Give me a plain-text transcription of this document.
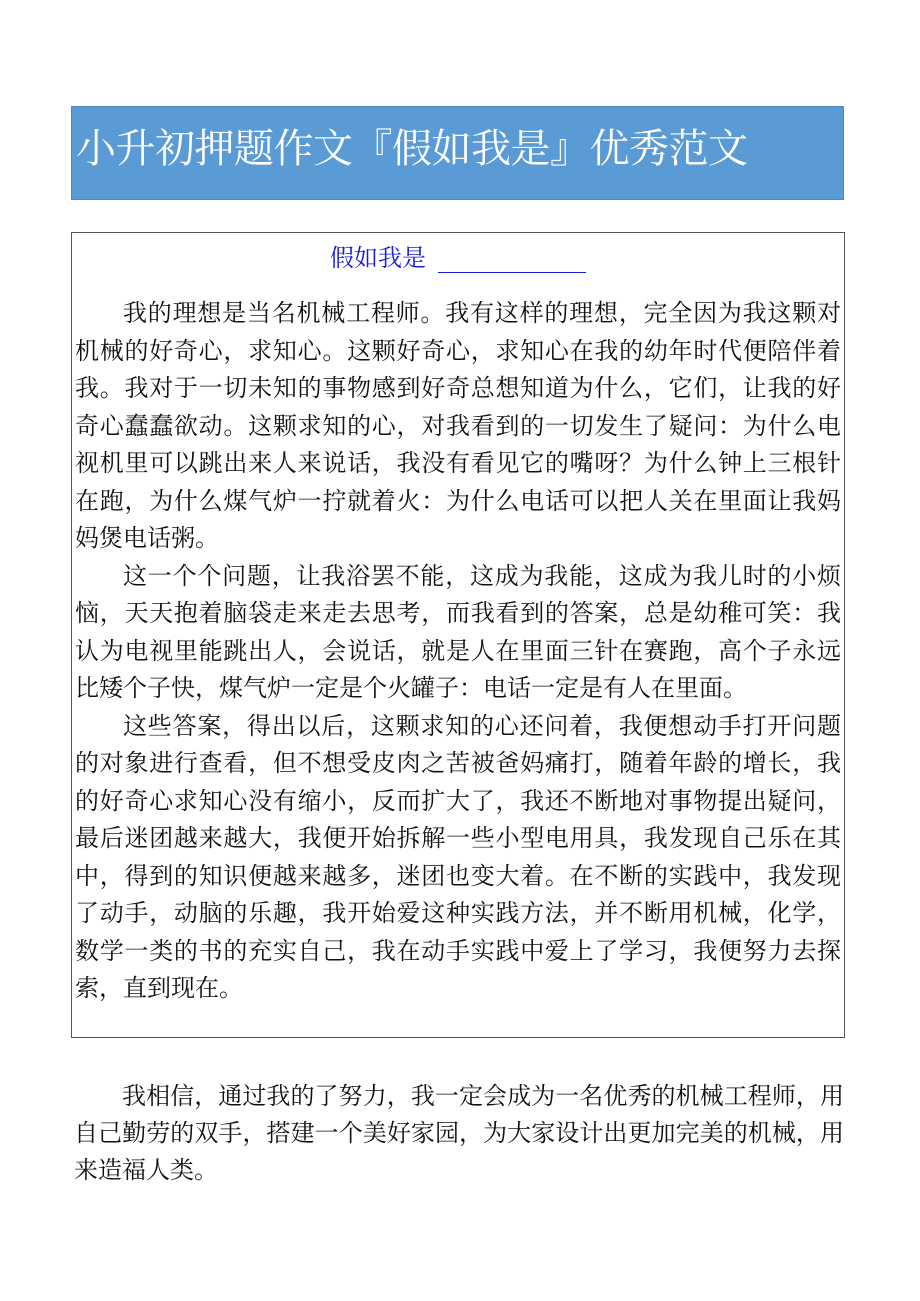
小升初押题作文『假如我是』优秀范文
假如我是

我的理想是当名机械工程师。我有这样的理想，完全因为我这颗对机械的好奇心，求知心。这颗好奇心，求知心在我的幼年时代便陪伴着我。我对于一切未知的事物感到好奇总想知道为什么，它们，让我的好奇心蠢蠢欲动。这颗求知的心，对我看到的一切发生了疑问：为什么电视机里可以跳出来人来说话，我没有看见它的嘴呀？为什么钟上三根针在跑，为什么煤气炉一拧就着火：为什么电话可以把人关在里面让我妈妈煲电话粥。

这一个个问题，让我浴罢不能，这成为我能，这成为我儿时的小烦恼，天天抱着脑袋走来走去思考，而我看到的答案，总是幼稚可笑：我认为电视里能跳出人，会说话，就是人在里面三针在赛跑，高个子永远比矮个子快，煤气炉一定是个火罐子：电话一定是有人在里面。

这些答案，得出以后，这颗求知的心还问着，我便想动手打开问题的对象进行查看，但不想受皮肉之苦被爸妈痛打，随着年龄的增长，我的好奇心求知心没有缩小，反而扩大了，我还不断地对事物提出疑问，最后迷团越来越大，我便开始拆解一些小型电用具，我发现自己乐在其中，得到的知识便越来越多，迷团也变大着。在不断的实践中，我发现了动手，动脑的乐趣，我开始爱这种实践方法，并不断用机械，化学，数学一类的书的充实自己，我在动手实践中爱上了学习，我便努力去探索，直到现在。

我相信，通过我的了努力，我一定会成为一名优秀的机械工程师，用自己勤劳的双手，搭建一个美好家园，为大家设计出更加完美的机械，用来造福人类。
